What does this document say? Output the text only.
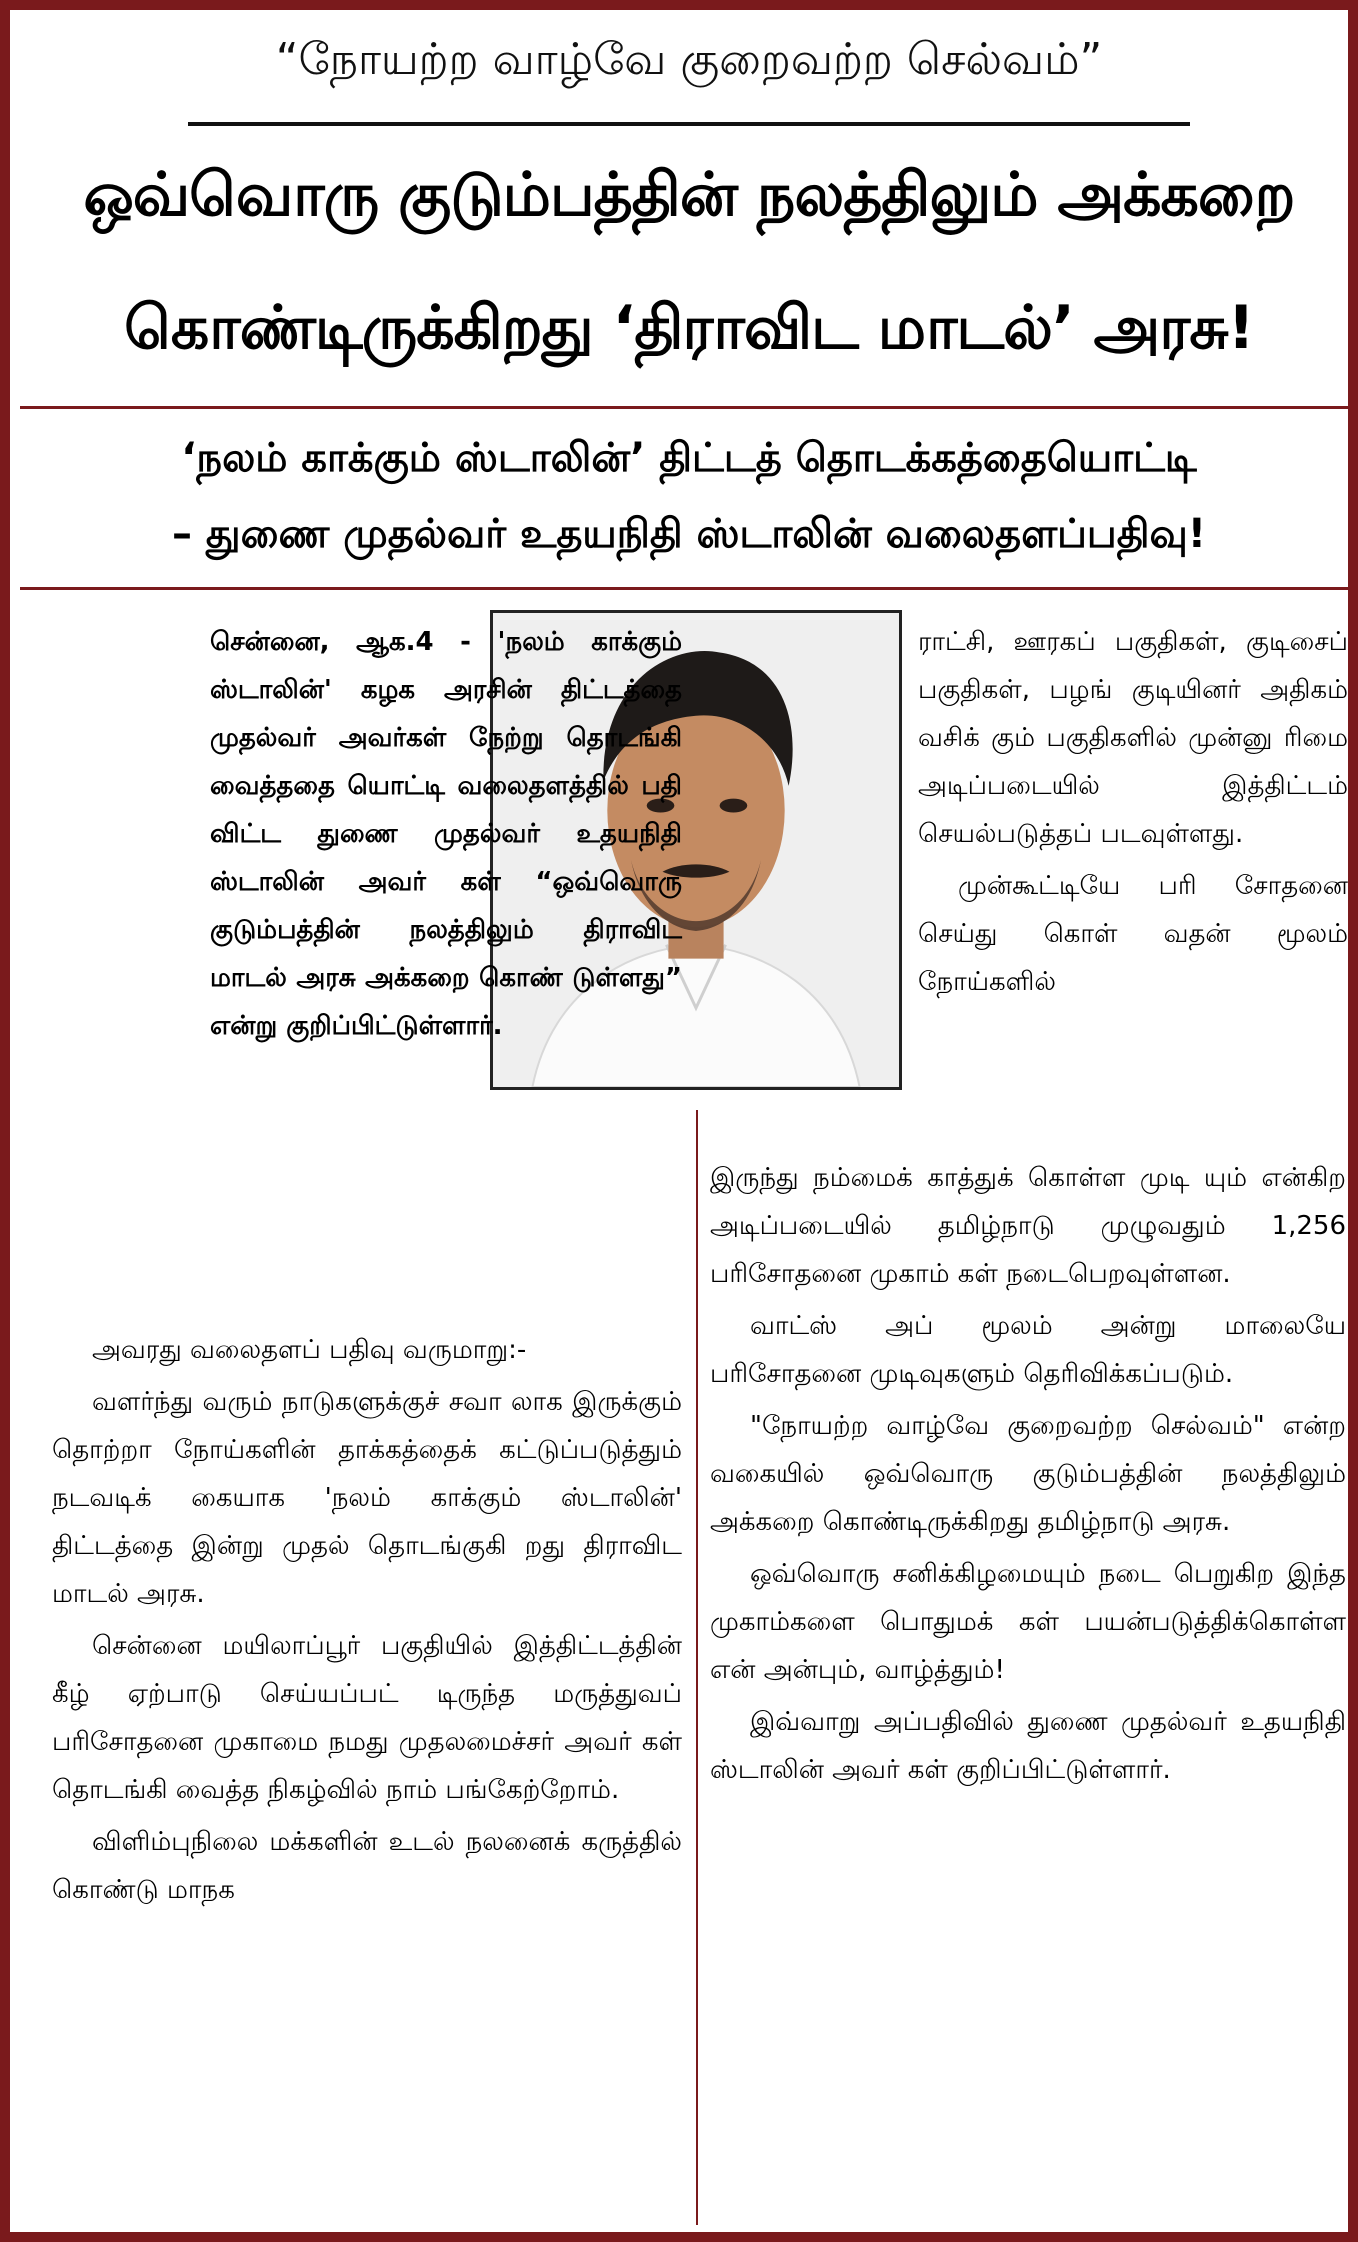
“நோயற்ற வாழ்வே குறைவற்ற செல்வம்”
ஒவ்வொரு குடும்பத்தின் நலத்திலும் அக்கறை
கொண்டிருக்கிறது ‘திராவிட மாடல்’ அரசு!
‘நலம் காக்கும் ஸ்டாலின்’ திட்டத் தொடக்கத்தையொட்டி
– துணை முதல்வர் உதயநிதி ஸ்டாலின் வலைதளப்பதிவு!

சென்னை, ஆக.4 - 'நலம் காக்கும் ஸ்டாலின்' கழக அரசின் திட்டத்தை முதல்வர் அவர்கள் நேற்று தொடங்கி வைத்ததை யொட்டி வலைதளத்தில் பதி விட்ட துணை முதல்வர் உதயநிதி ஸ்டாலின் அவர் கள் “ஒவ்வொரு குடும்பத்தின் நலத்திலும் திராவிட மாடல் அரசு அக்கறை கொண் டுள்ளது” என்று குறிப்பிட்டுள்ளார்.

அவரது வலைதளப் பதிவு வருமாறு:-

வளர்ந்து வரும் நாடுகளுக்குச் சவா லாக இருக்கும் தொற்றா நோய்களின் தாக்கத்தைக் கட்டுப்படுத்தும் நடவடிக் கையாக 'நலம் காக்கும் ஸ்டாலின்' திட்டத்தை இன்று முதல் தொடங்குகி றது திராவிட மாடல் அரசு.

சென்னை மயிலாப்பூர் பகுதியில் இத்திட்டத்தின் கீழ் ஏற்பாடு செய்யப்பட் டிருந்த மருத்துவப் பரிசோதனை முகாமை நமது முதலமைச்சர் அவர் கள் தொடங்கி வைத்த நிகழ்வில் நாம் பங்கேற்றோம்.

விளிம்புநிலை மக்களின் உடல் நலனைக் கருத்தில் கொண்டு மாநக

ராட்சி, ஊரகப் பகுதிகள், குடிசைப் பகுதிகள், பழங் குடியினர் அதிகம் வசிக் கும் பகுதிகளில் முன்னு ரிமை அடிப்படையில் இத்திட்டம் செயல்படுத்தப் படவுள்ளது.

முன்கூட்டியே பரி சோதனை செய்து கொள் வதன் மூலம் நோய்களில்

இருந்து நம்மைக் காத்துக் கொள்ள முடி யும் என்கிற அடிப்படையில் தமிழ்நாடு முழுவதும் 1,256 பரிசோதனை முகாம் கள் நடைபெறவுள்ளன.

வாட்ஸ் அப் மூலம் அன்று மாலையே பரிசோதனை முடிவுகளும் தெரிவிக்கப்படும்.

"நோயற்ற வாழ்வே குறைவற்ற செல்வம்" என்ற வகையில் ஒவ்வொரு குடும்பத்தின் நலத்திலும் அக்கறை கொண்டிருக்கிறது தமிழ்நாடு அரசு.

ஒவ்வொரு சனிக்கிழமையும் நடை பெறுகிற இந்த முகாம்களை பொதுமக் கள் பயன்படுத்திக்கொள்ள என் அன்பும், வாழ்த்தும்!

இவ்வாறு அப்பதிவில் துணை முதல்வர் உதயநிதி ஸ்டாலின் அவர் கள் குறிப்பிட்டுள்ளார்.
